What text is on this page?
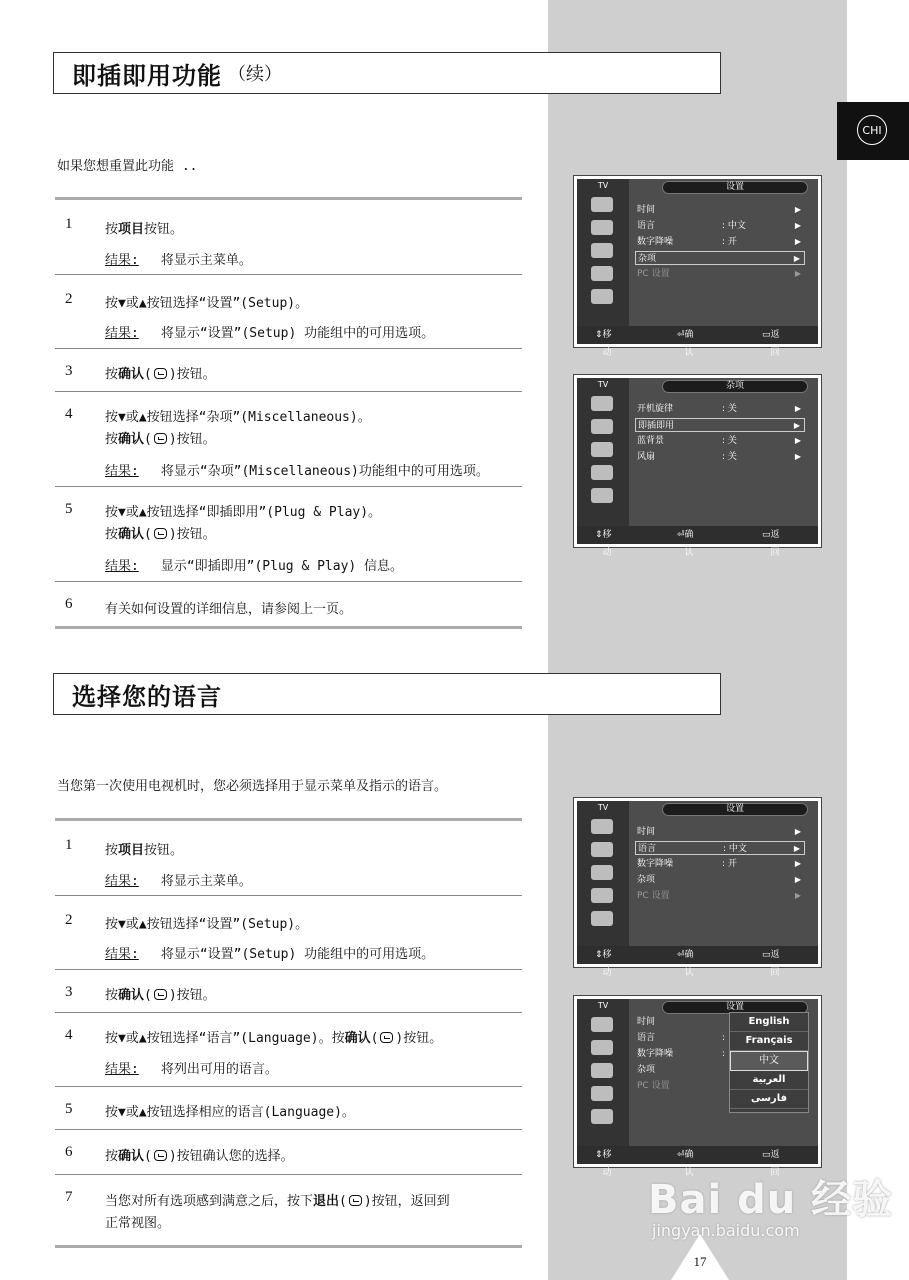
CHI
即插即用功能 （续）
如果您想重置此功能 ..
1	按项目按钮。
结果: 将显示主菜单。
2	按▼或▲按钮选择“设置”(Setup)。
结果: 将显示“设置”(Setup) 功能组中的可用选项。
3	按确认( )按钮。
4	按▼或▲按钮选择“杂项”(Miscellaneous)。
按确认( )按钮。
结果: 将显示“杂项”(Miscellaneous)功能组中的可用选项。
5	按▼或▲按钮选择“即插即用”(Plug & Play)。
按确认( )按钮。
结果: 显示“即插即用”(Plug & Play) 信息。
6	有关如何设置的详细信息，请参阅上一页。
选择您的语言
当您第一次使用电视机时，您必须选择用于显示菜单及指示的语言。
1	按项目按钮。
结果: 将显示主菜单。
2	按▼或▲按钮选择“设置”(Setup)。
结果: 将显示“设置”(Setup) 功能组中的可用选项。
3	按确认( )按钮。
4	按▼或▲按钮选择“语言”(Language)。按确认( )按钮。
结果: 将列出可用的语言。
5	按▼或▲按钮选择相应的语言(Language)。
6	按确认( )按钮确认您的选择。
7	当您对所有选项感到满意之后，按下退出( )按钮，返回到
正常视图。
TV	设置
时间	▶
语言	: 中文	▶
数字降噪	: 开	▶
杂项	▶
PC 设置	▶
⇕ 移动
⏎ 确认
▭ 返回
TV	杂项
开机旋律	: 关	▶
即插即用	▶
蓝背景	: 关	▶
风扇	: 关	▶
⇕ 移动
⏎ 确认
▭ 返回
TV	设置
时间	▶
语言	: 中文	▶
数字降噪	: 开	▶
杂项	▶
PC 设置	▶
⇕ 移动
⏎ 确认
▭ 返回
TV	设置
时间
语言	:
数字降噪	:
杂项
PC 设置
English
Français
中文
العربية
فارسی
⇕ 移动
⏎ 确认
▭ 返回
Bai du 经验
jingyan.baidu.com
17
